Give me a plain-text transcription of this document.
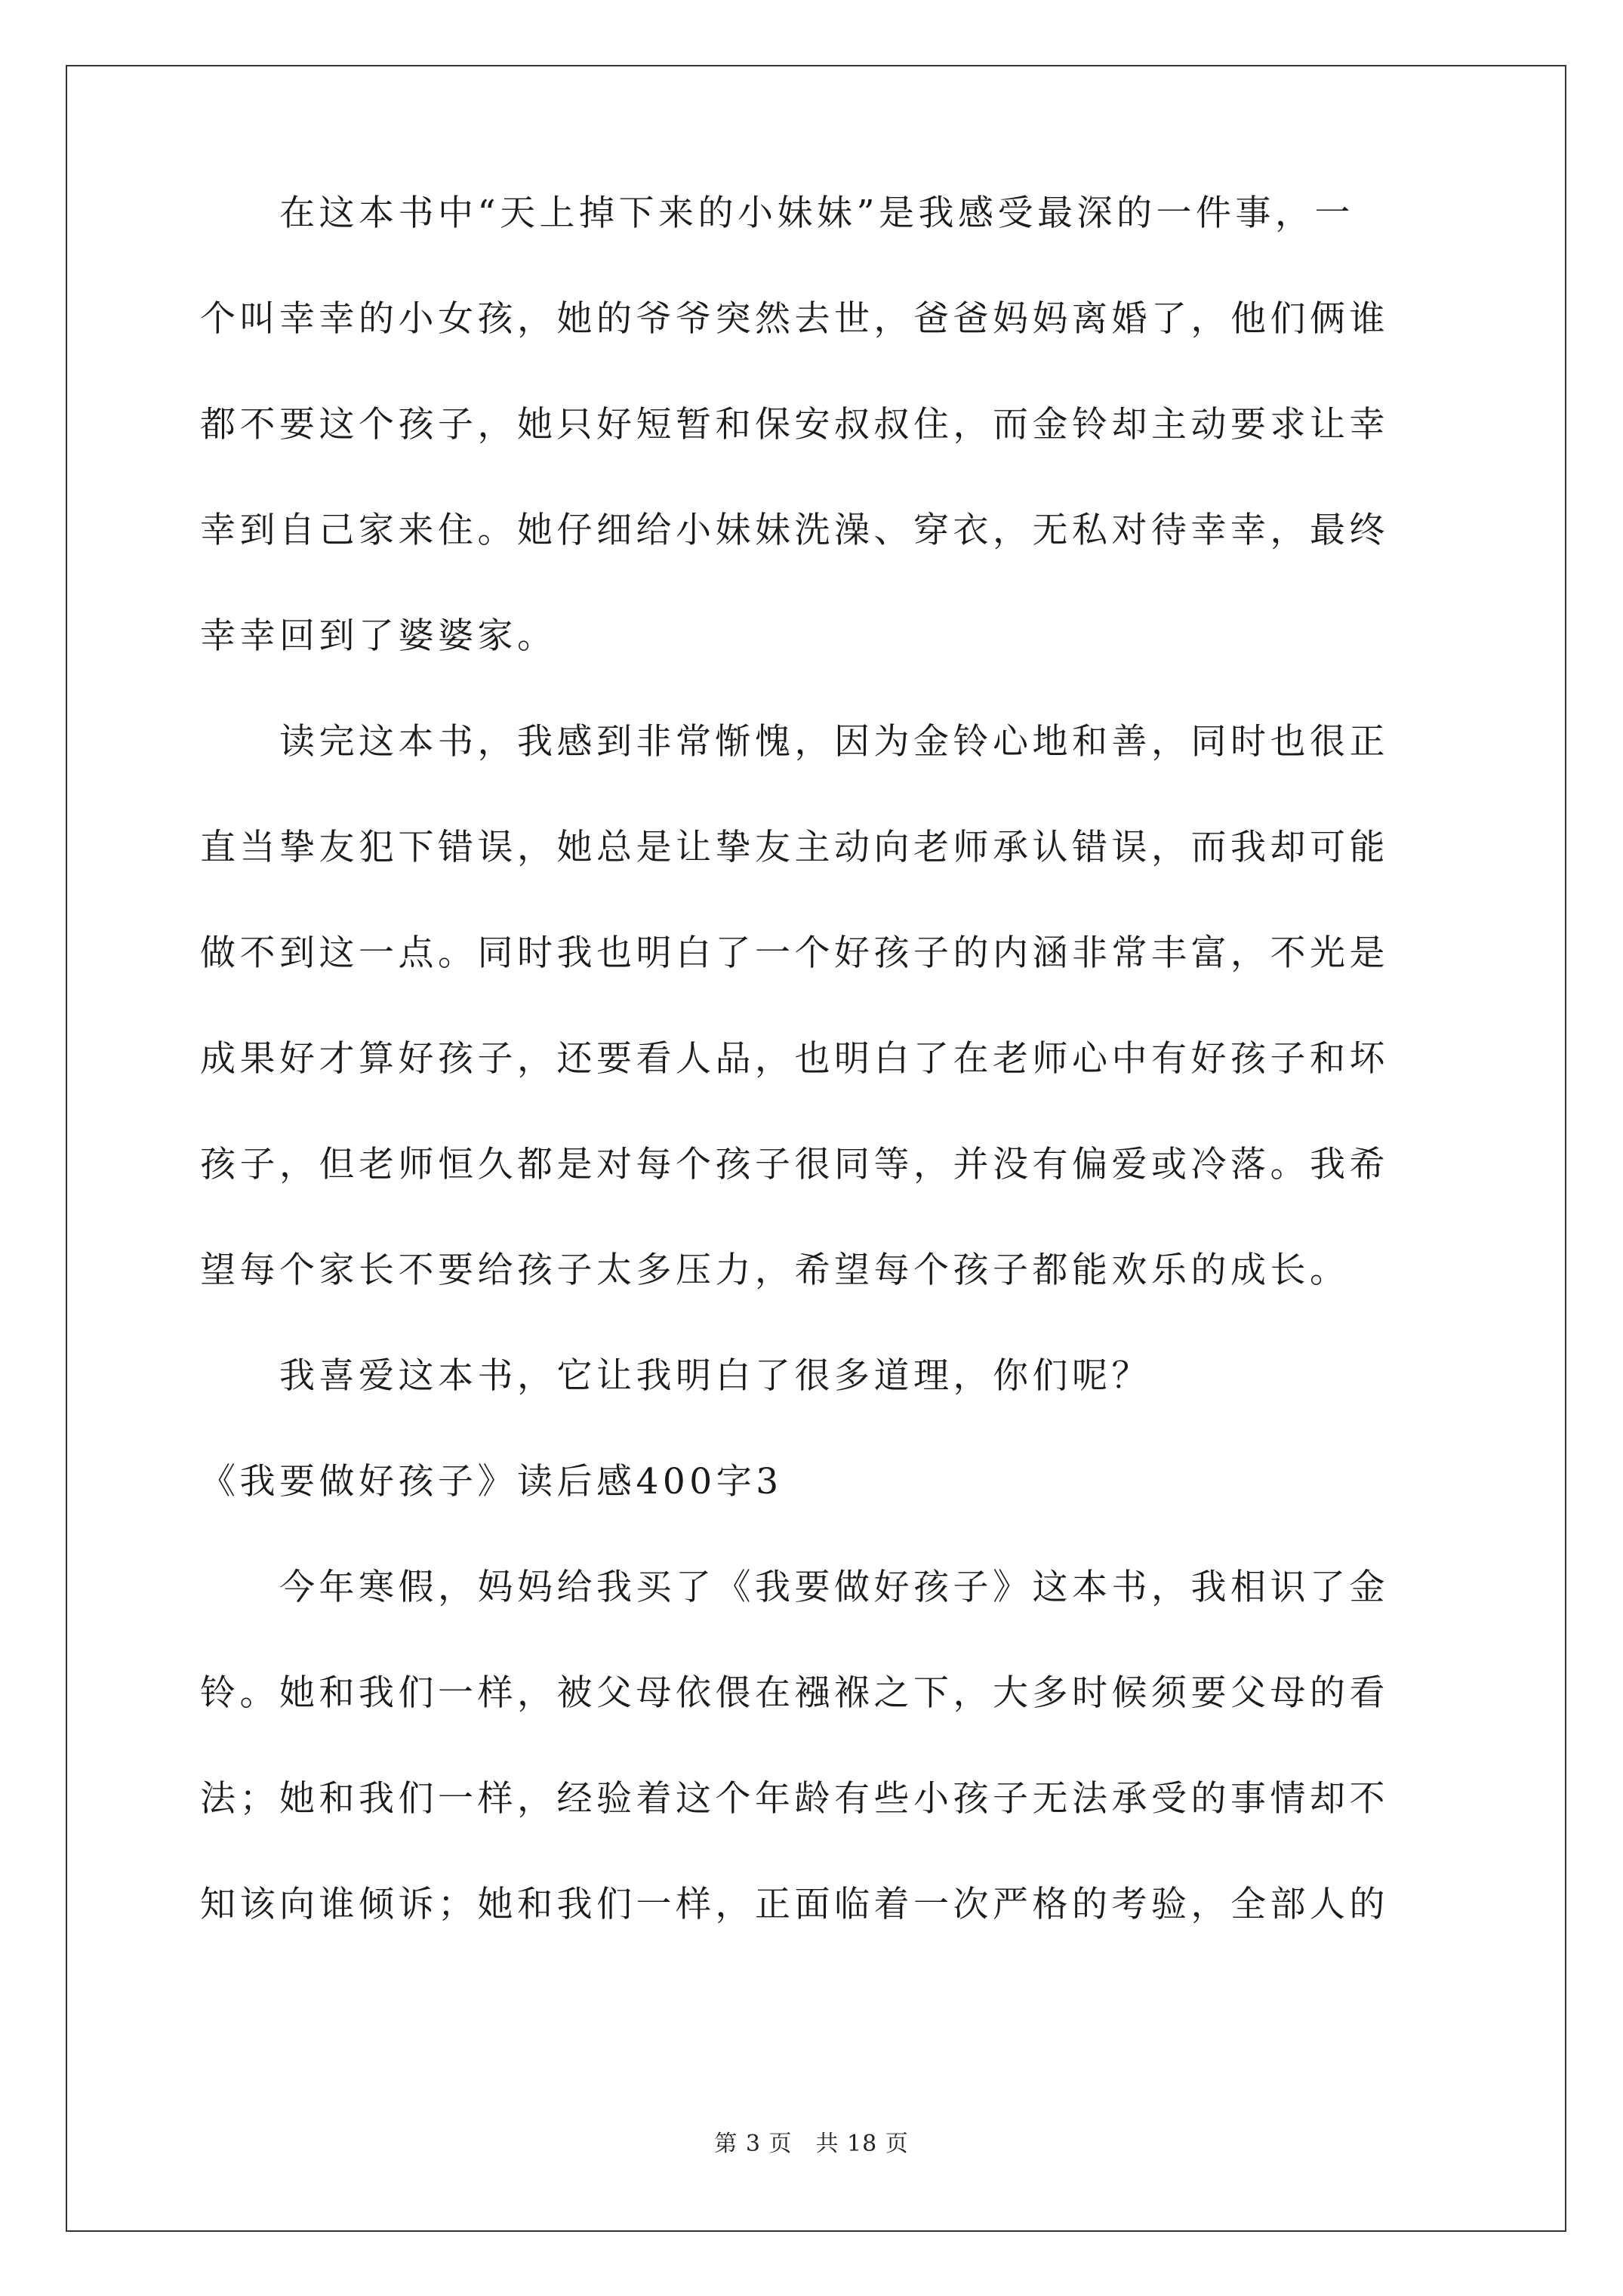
　　在这本书中“天上掉下来的小妹妹”是我感受最深的一件事，一
个叫幸幸的小女孩，她的爷爷突然去世，爸爸妈妈离婚了，他们俩谁
都不要这个孩子，她只好短暂和保安叔叔住，而金铃却主动要求让幸
幸到自己家来住。她仔细给小妹妹洗澡、穿衣，无私对待幸幸，最终
幸幸回到了婆婆家。
　　读完这本书，我感到非常惭愧，因为金铃心地和善，同时也很正
直当挚友犯下错误，她总是让挚友主动向老师承认错误，而我却可能
做不到这一点。同时我也明白了一个好孩子的内涵非常丰富，不光是
成果好才算好孩子，还要看人品，也明白了在老师心中有好孩子和坏
孩子，但老师恒久都是对每个孩子很同等，并没有偏爱或冷落。我希
望每个家长不要给孩子太多压力，希望每个孩子都能欢乐的成长。
　　我喜爱这本书，它让我明白了很多道理，你们呢？
《我要做好孩子》读后感400字3
　　今年寒假，妈妈给我买了《我要做好孩子》这本书，我相识了金
铃。她和我们一样，被父母依偎在襁褓之下，大多时候须要父母的看
法；她和我们一样，经验着这个年龄有些小孩子无法承受的事情却不
知该向谁倾诉；她和我们一样，正面临着一次严格的考验，全部人的
第 3 页　共 18 页
